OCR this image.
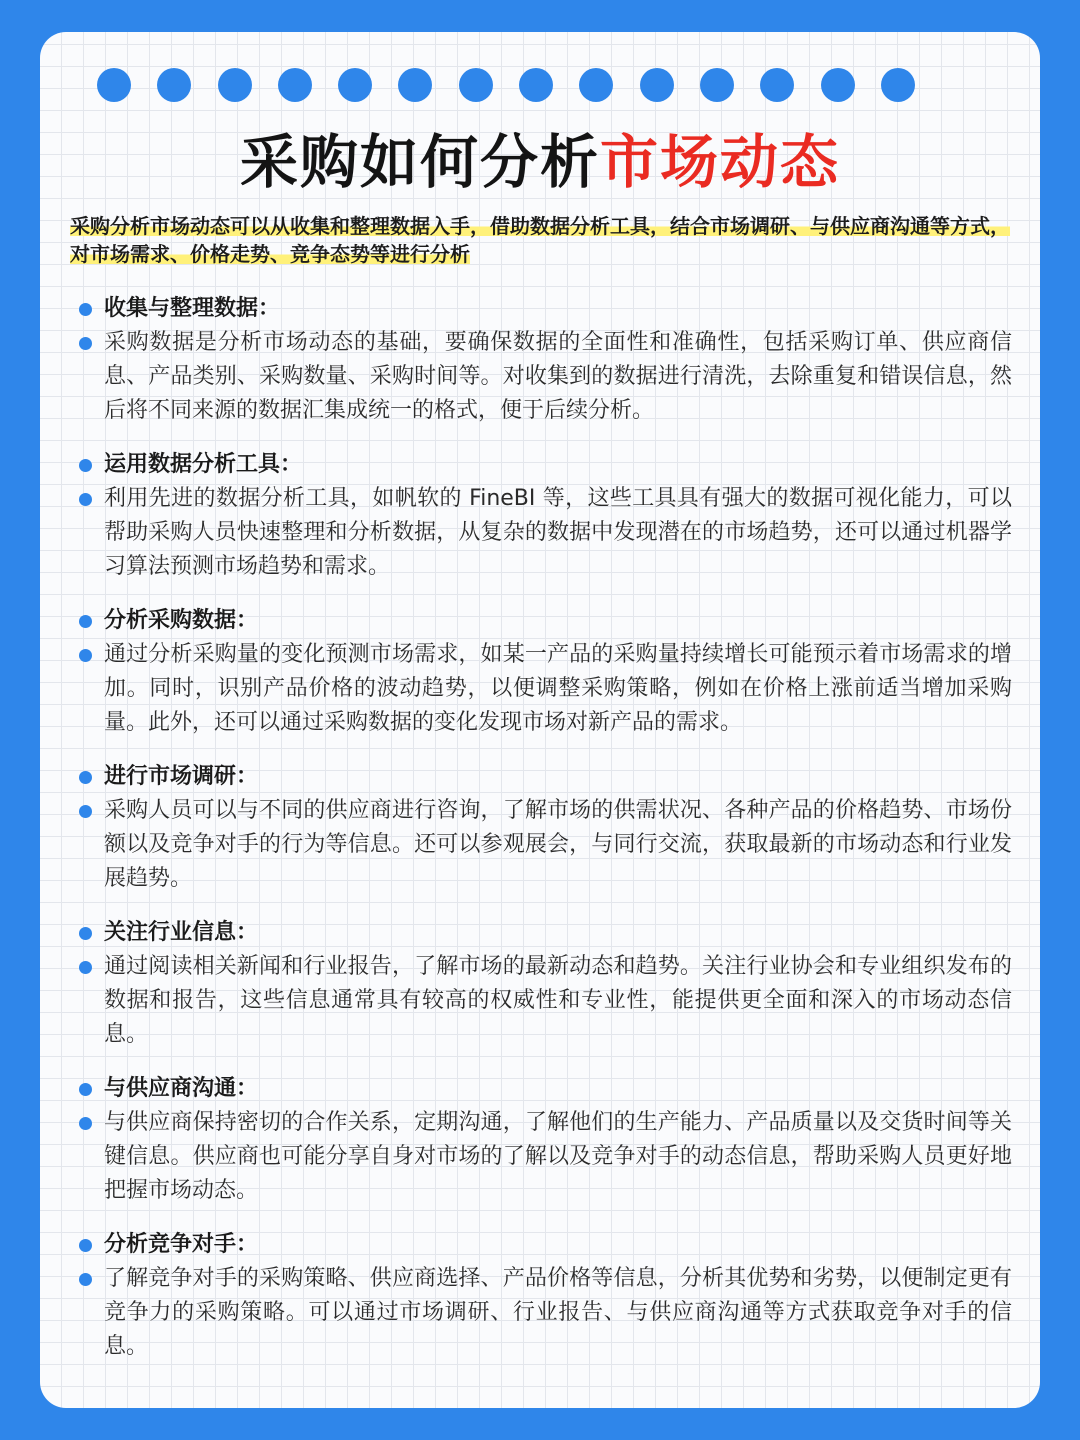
采购如何分析市场动态
采购分析市场动态可以从收集和整理数据入手，借助数据分析工具，结合市场调研、与供应商沟通等方式，对市场需求、价格走势、竞争态势等进行分析
收集与整理数据：
采购数据是分析市场动态的基础，要确保数据的全面性和准确性，包括采购订单、供应商信息、产品类别、采购数量、采购时间等。对收集到的数据进行清洗，去除重复和错误信息，然后将不同来源的数据汇集成统一的格式，便于后续分析。
运用数据分析工具：
利用先进的数据分析工具，如帆软的 FineBI 等，这些工具具有强大的数据可视化能力，可以帮助采购人员快速整理和分析数据，从复杂的数据中发现潜在的市场趋势，还可以通过机器学习算法预测市场趋势和需求。
分析采购数据：
通过分析采购量的变化预测市场需求，如某一产品的采购量持续增长可能预示着市场需求的增加。同时，识别产品价格的波动趋势，以便调整采购策略，例如在价格上涨前适当增加采购量。此外，还可以通过采购数据的变化发现市场对新产品的需求。
进行市场调研：
采购人员可以与不同的供应商进行咨询，了解市场的供需状况、各种产品的价格趋势、市场份额以及竞争对手的行为等信息。还可以参观展会，与同行交流，获取最新的市场动态和行业发展趋势。
关注行业信息：
通过阅读相关新闻和行业报告，了解市场的最新动态和趋势。关注行业协会和专业组织发布的数据和报告，这些信息通常具有较高的权威性和专业性，能提供更全面和深入的市场动态信息。
与供应商沟通：
与供应商保持密切的合作关系，定期沟通，了解他们的生产能力、产品质量以及交货时间等关键信息。供应商也可能分享自身对市场的了解以及竞争对手的动态信息，帮助采购人员更好地把握市场动态。
分析竞争对手：
了解竞争对手的采购策略、供应商选择、产品价格等信息，分析其优势和劣势，以便制定更有竞争力的采购策略。可以通过市场调研、行业报告、与供应商沟通等方式获取竞争对手的信息。
